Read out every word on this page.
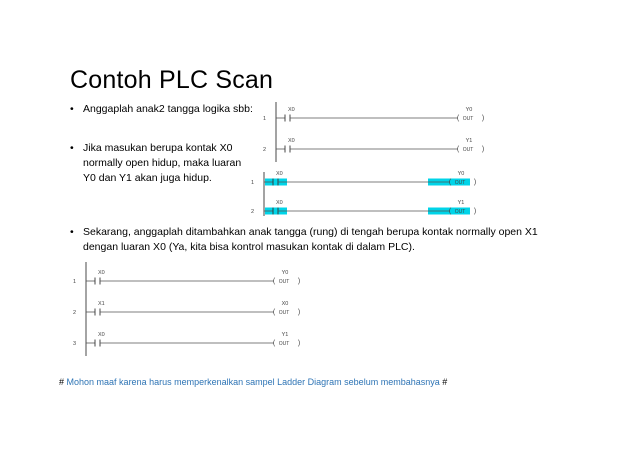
Contoh PLC Scan
• Anggaplah anak2 tangga logika sbb:
• Jika masukan berupa kontak X0
normally open hidup, maka luaran
Y0 dan Y1 akan juga hidup.
• Sekarang, anggaplah ditambahkan anak tangga (rung) di tengah berupa kontak normally open X1
dengan luaran X0 (Ya, kita bisa kontrol masukan kontak di dalam PLC).
1
X0
( OUT )
Y0
2
X0
( OUT )
Y1
1
X0
( OUT )
Y0
2
X0
( OUT )
Y1
1
X0
( OUT )
Y0
2
X1
( OUT )
X0
3
X0
( OUT )
Y1
# Mohon maaf karena harus memperkenalkan sampel Ladder Diagram sebelum membahasnya #
